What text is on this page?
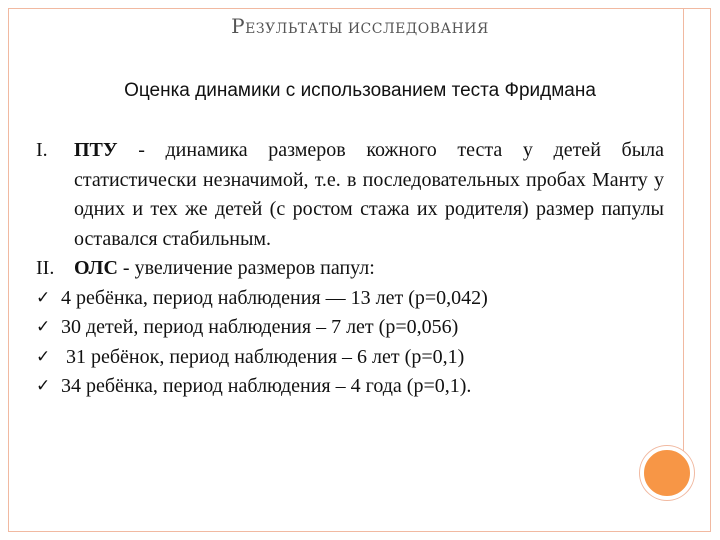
РЕЗУЛЬТАТЫ ИССЛЕДОВАНИЯ
Оценка динамики с использованием теста Фридмана
I.	ПТУ - динамика размеров кожного теста у детей была статистически незначимой, т.е. в последовательных пробах Манту у одних и тех же детей (с ростом стажа их родителя) размер папулы оставался стабильным.
II. ОЛС - увеличение размеров папул:
✓ 4 ребёнка, период наблюдения — 13 лет (р=0,042)
✓ 30 детей, период наблюдения – 7 лет (р=0,056)
✓ 31 ребёнок, период наблюдения – 6 лет (р=0,1)
✓ 34 ребёнка, период наблюдения – 4 года (р=0,1).
